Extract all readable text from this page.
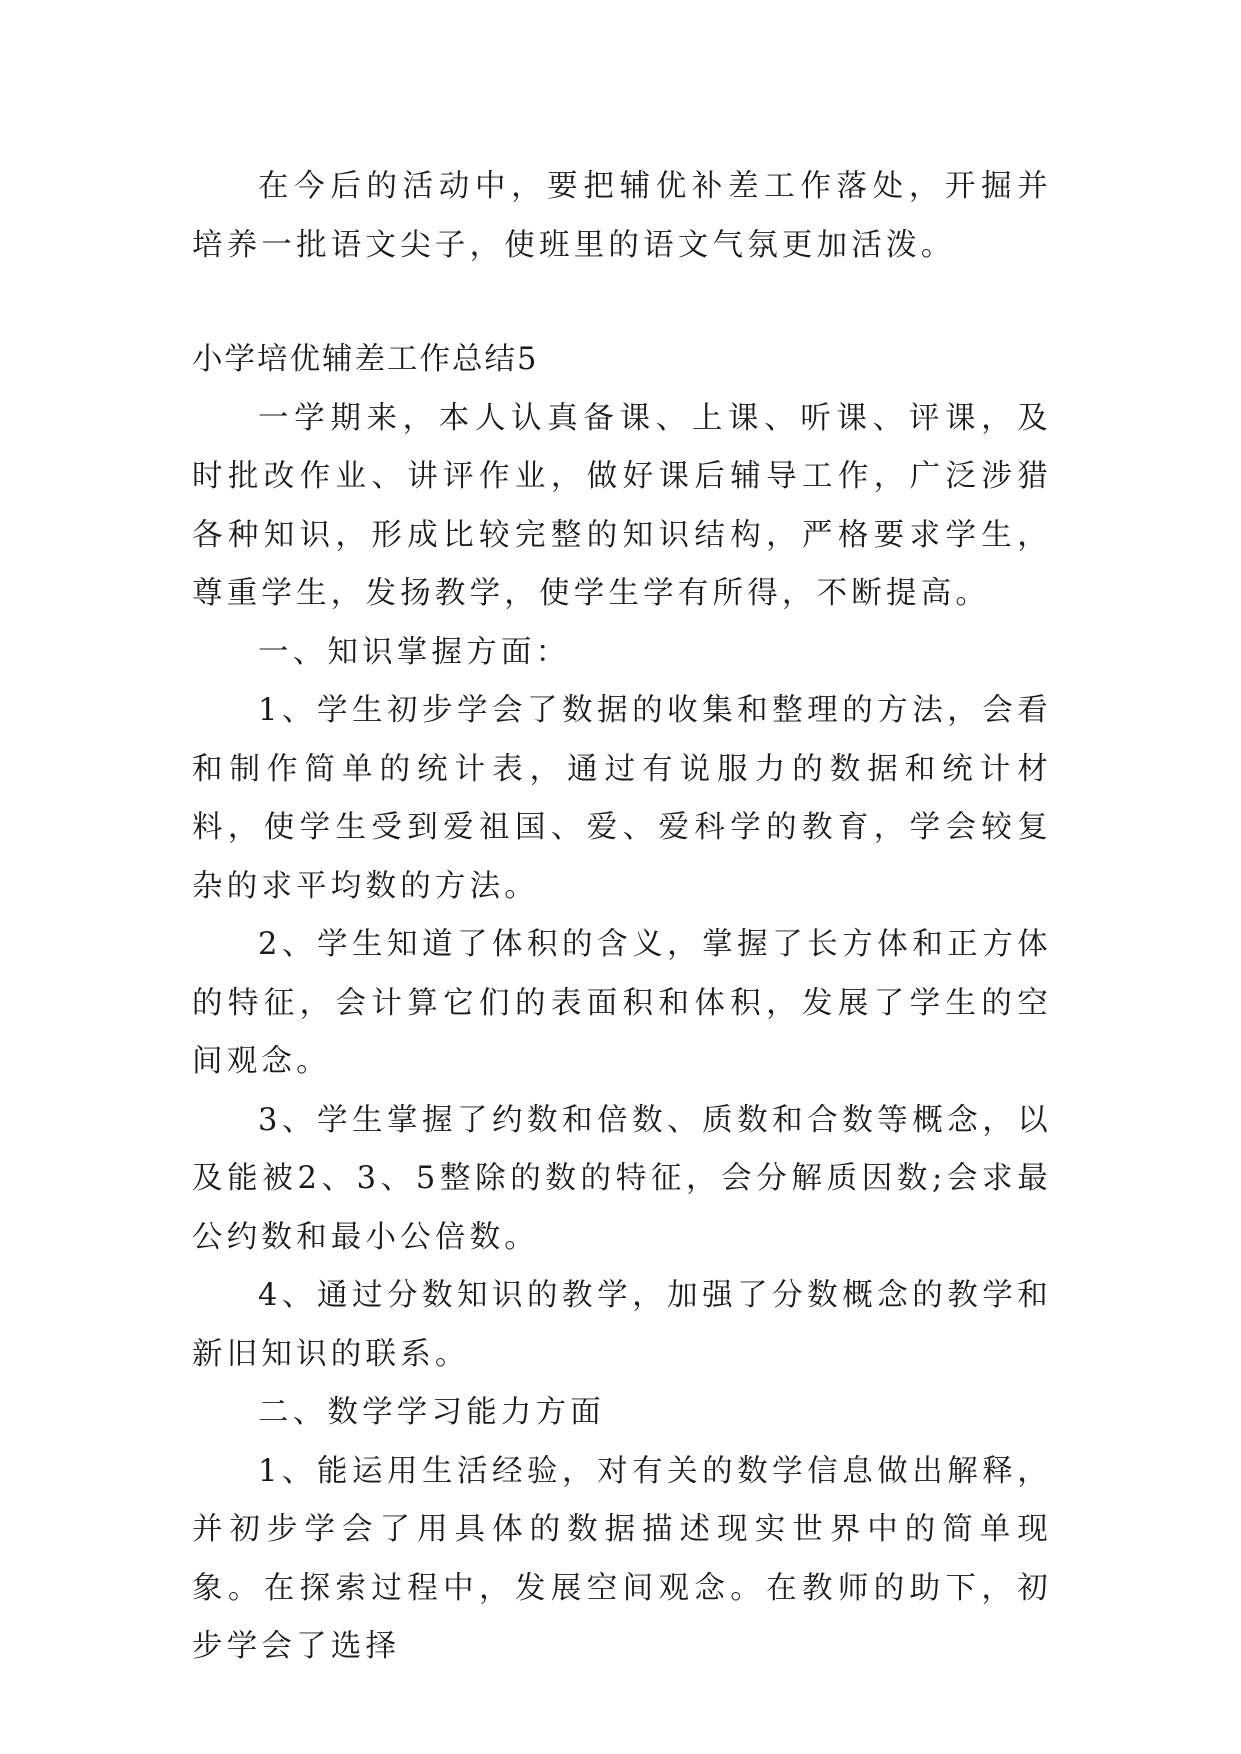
在今后的活动中，要把辅优补差工作落处，开掘并培养一批语文尖子，使班里的语文气氛更加活泼。

小学培优辅差工作总结5

一学期来，本人认真备课、上课、听课、评课，及时批改作业、讲评作业，做好课后辅导工作，广泛涉猎各种知识，形成比较完整的知识结构，严格要求学生，尊重学生，发扬教学，使学生学有所得，不断提高。

一、知识掌握方面：

1、学生初步学会了数据的收集和整理的方法，会看和制作简单的统计表，通过有说服力的数据和统计材料，使学生受到爱祖国、爱、爱科学的教育，学会较复杂的求平均数的方法。

2、学生知道了体积的含义，掌握了长方体和正方体的特征，会计算它们的表面积和体积，发展了学生的空间观念。

3、学生掌握了约数和倍数、质数和合数等概念，以及能被2、3、5整除的数的特征，会分解质因数;会求最公约数和最小公倍数。

4、通过分数知识的教学，加强了分数概念的教学和新旧知识的联系。

二、数学学习能力方面

1、能运用生活经验，对有关的数学信息做出解释，并初步学会了用具体的数据描述现实世界中的简单现象。在探索过程中，发展空间观念。在教师的助下，初步学会了选择
